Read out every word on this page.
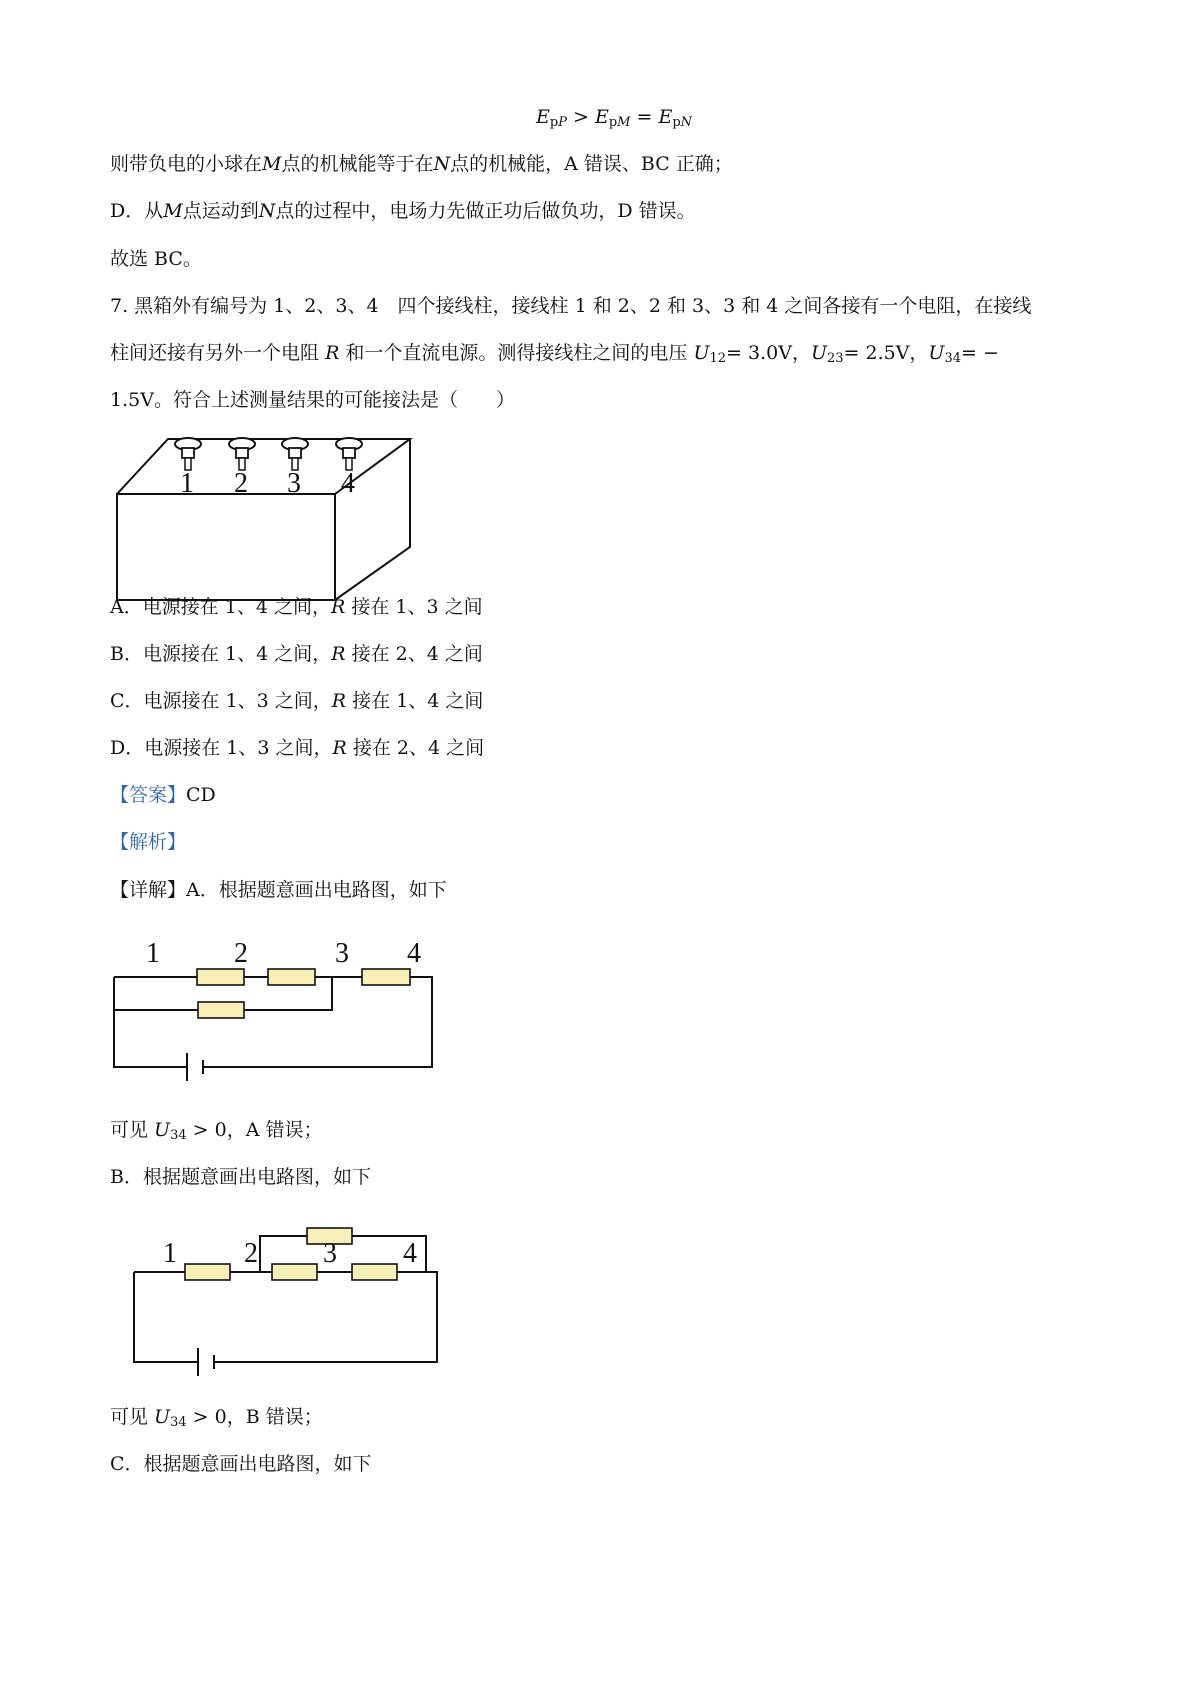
$E_pP > E_pM = E_pN$
则带负电的小球在M点的机械能等于在N点的机械能，A 错误、BC 正确；
D．从M点运动到N点的过程中，电场力先做正功后做负功，D 错误。
故选 BC。
7. 黑箱外有编号为 1、2、3、4　四个接线柱，接线柱 1 和 2、2 和 3、3 和 4 之间各接有一个电阻，在接线
柱间还接有另外一个电阻 R 和一个直流电源。测得接线柱之间的电压 $U_{12}= 3.0V$，$U_{23}= 2.5V$，$U_{34}=$ −
1.5V。符合上述测量结果的可能接法是（　　）
1 2 3 4
A．电源接在 1、4 之间，R 接在 1、3 之间
B．电源接在 1、4 之间，R 接在 2、4 之间
C．电源接在 1、3 之间，R 接在 1、4 之间
D．电源接在 1、3 之间，R 接在 2、4 之间
【答案】CD
【解析】
【详解】A．根据题意画出电路图，如下
1	2	3 4
可见 $U_{34} > 0$，A 错误；
B．根据题意画出电路图，如下
1 2 3 4
可见 $U_{34} > 0$，B 错误；
C．根据题意画出电路图，如下
